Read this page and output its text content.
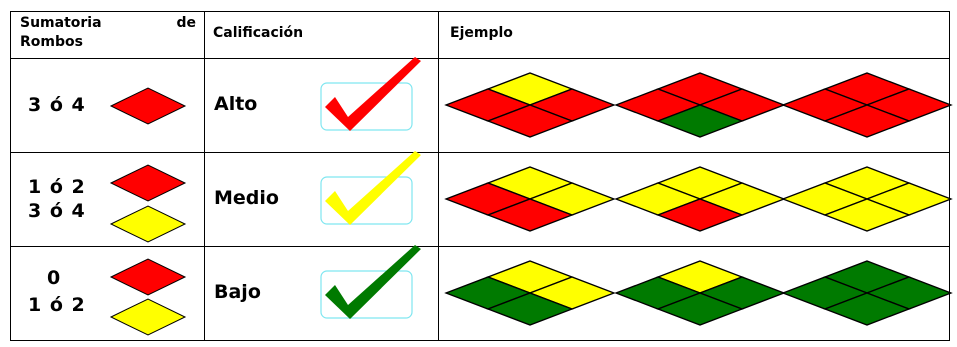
Sumatoria de
Rombos	Calificación	Ejemplo

3 ó 4	Alto

1 ó 2
3 ó 4	Medio

0
1 ó 2	Bajo
